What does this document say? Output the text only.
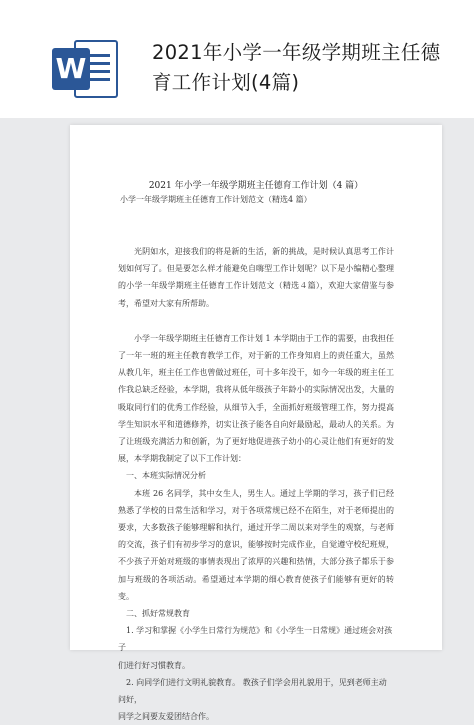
W	2021年小学一年级学期班主任德育工作计划(4篇)

2021 年小学一年级学期班主任德育工作计划（4 篇）

小学一年级学期班主任德育工作计划范文（精选4 篇）

光阴如水，迎接我们的将是新的生活，新的挑战，是时候认真思考工作计划如何写了。但是要怎么样才能避免自嗨型工作计划呢？以下是小编精心整理的小学一年级学期班主任德育工作计划范文（精选４篇），欢迎大家借鉴与参考，希望对大家有所帮助。

小学一年级学期班主任德育工作计划 1 本学期由于工作的需要，由我担任了一年一班的班主任教育教学工作，对于新的工作身知肩上的责任重大，虽然从教几年，班主任工作也曾做过班任，可十多年没干，如今一年级的班主任工作我总缺乏经验，本学期，我将从低年级孩子年龄小的实际情况出发，大量的吸取同行们的优秀工作经验，从细节入手，全面抓好班级管理工作，努力提高学生知识水平和道德修养，切实让孩子能各自向好最励起，最动人的关系。为了让班级充满活力和创新，为了更好地促进孩子幼小的心灵让他们有更好的发展，本学期我制定了以下工作计划：

一、本班实际情况分析

本班 26 名同学，其中女生人，男生人。通过上学期的学习，孩子们已经熟悉了学校的日常生活和学习，对于各项常规已经不在陌生，对于老师提出的要求，大多数孩子能够理解和执行，通过开学二周以来对学生的观察，与老师的交流，孩子们有初步学习的意识，能够按时完成作业，自觉遵守校纪班规，不少孩子开始对班级的事情表现出了浓厚的兴趣和热情，大部分孩子都乐于参加与班级的各项活动。希望通过本学期的细心教育使孩子们能够有更好的转变。

二、抓好常规教育

1. 学习和掌握《小学生日常行为规范》和《小学生一日常规》通过班会对孩子

们进行好习惯教育。

2. 向同学们进行文明礼貌教育。 教孩子们学会用礼貌用于，见到老师主动问好，

同学之间要友爱团结合作。
